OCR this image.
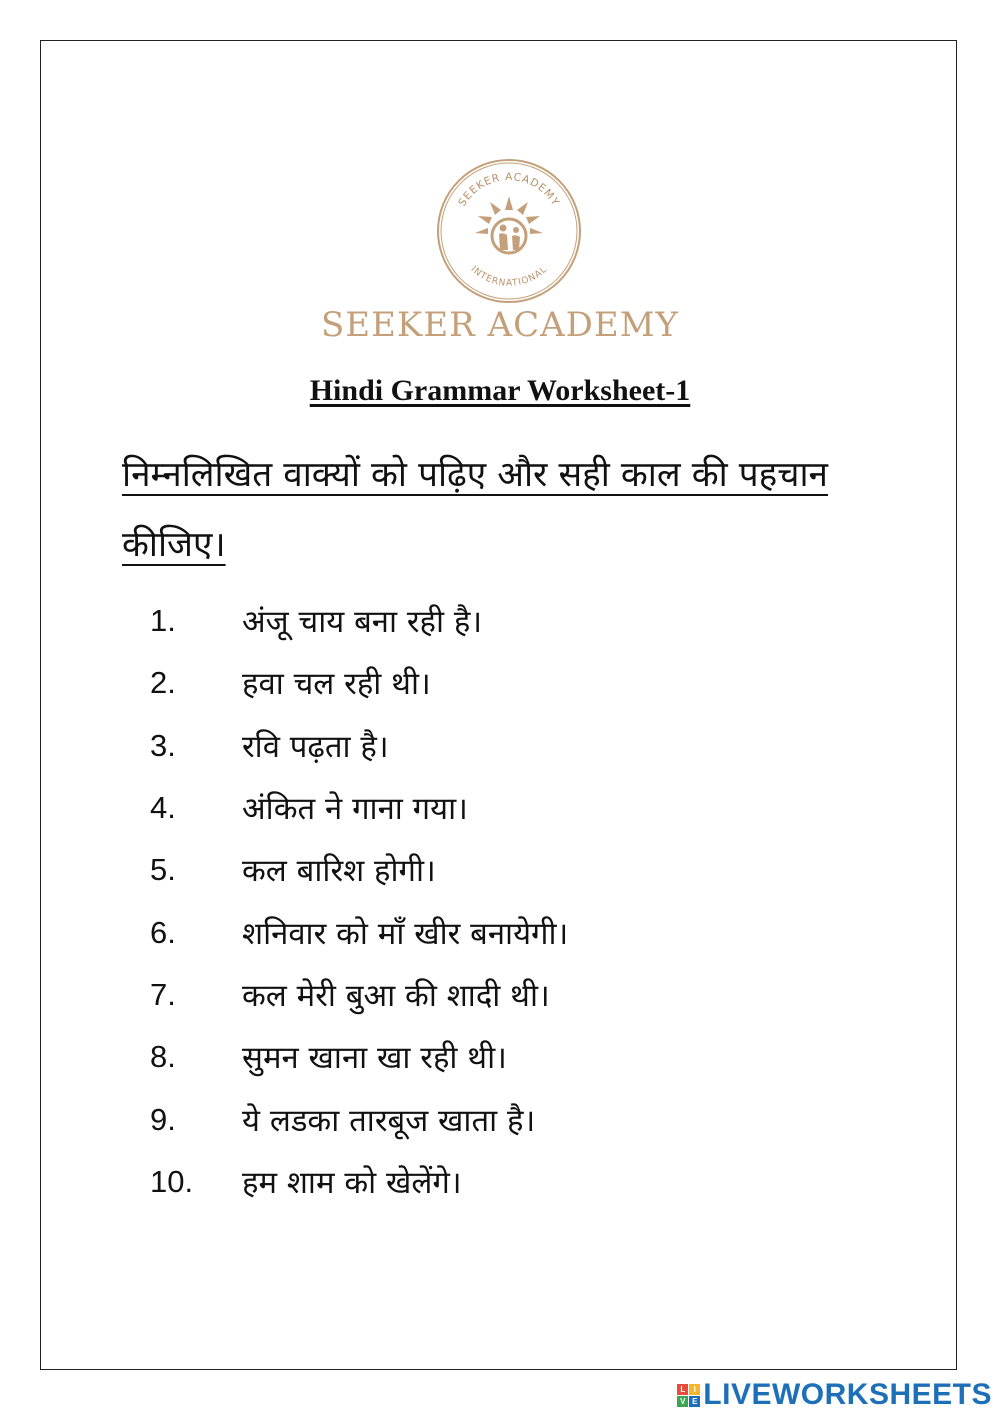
SEEKER ACADEMY
INTERNATIONAL
SEEKER ACADEMY
Hindi Grammar Worksheet-1
निम्नलिखित वाक्यों को पढ़िए और सही काल की पहचान कीजिए।
1.	अंजू चाय बना रही है।
2.	हवा चल रही थी।
3.	रवि पढ़ता है।
4.	अंकित ने गाना गया।
5.	कल बारिश होगी।
6.	शनिवार को माँ खीर बनायेगी।
7.	कल मेरी बुआ की शादी थी।
8.	सुमन खाना खा रही थी।
9.	ये लडका तारबूज खाता है।
10.	हम शाम को खेलेंगे।
L	I
V E LIVEWORKSHEETS
